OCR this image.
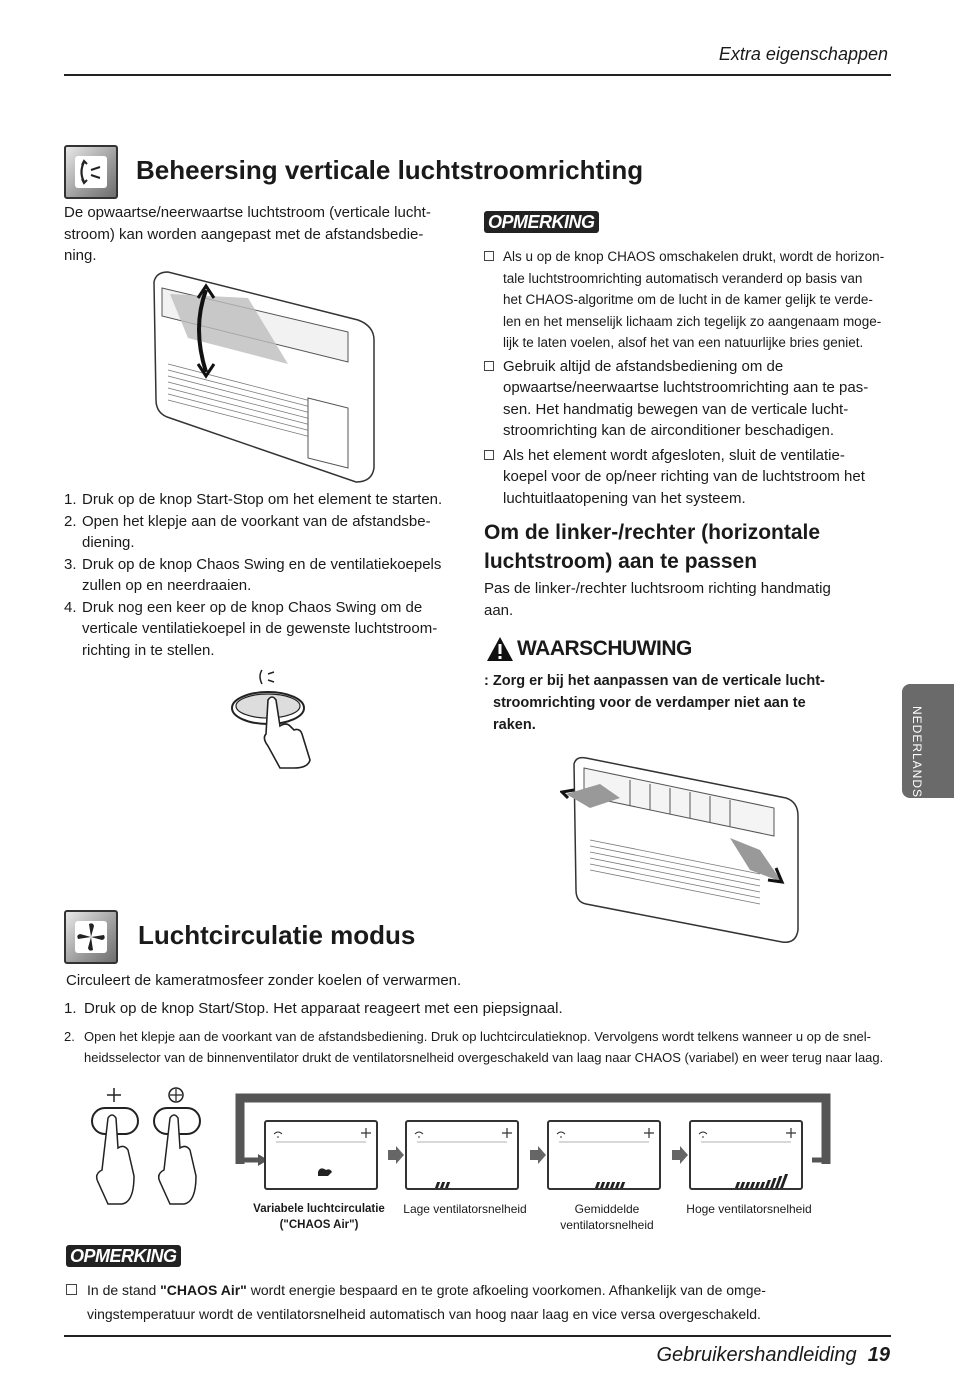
Extra eigenschappen
NEDERLANDS
Beheersing verticale luchtstroomrichting
De opwaartse/neerwaartse luchtstroom (verticale lucht-
stroom) kan worden aangepast met de afstandsbedie-
ning.
1. Druk op de knop Start-Stop om het element te starten.
2. Open het klepje aan de voorkant van de afstandsbe-
diening.
3. Druk op de knop Chaos Swing en de ventilatiekoepels
zullen op en neerdraaien.
4. Druk nog een keer op de knop Chaos Swing om de
verticale ventilatiekoepel in de gewenste luchtstroom-
richting in te stellen.
OPMERKING
Als u op de knop CHAOS omschakelen drukt, wordt de horizon-
tale luchtstroomrichting automatisch veranderd op basis van
het CHAOS-algoritme om de lucht in de kamer gelijk te verde-
len en het menselijk lichaam zich tegelijk zo aangenaam moge-
lijk te laten voelen, alsof het van een natuurlijke bries geniet.
Gebruik altijd de afstandsbediening om de
opwaartse/neerwaartse luchtstroomrichting aan te pas-
sen. Het handmatig bewegen van de verticale lucht-
stroomrichting kan de airconditioner beschadigen.
Als het element wordt afgesloten, sluit de ventilatie-
koepel voor de op/neer richting van de luchtstroom het
luchtuitlaatopening van het systeem.
Om de linker-/rechter (horizontale
luchtstroom) aan te passen
Pas de linker-/rechter luchtsroom richting handmatig
aan.
WAARSCHUWING
: Zorg er bij het aanpassen van de verticale lucht-
stroomrichting voor de verdamper niet aan te
raken.
Luchtcirculatie modus
Circuleert de kameratmosfeer zonder koelen of verwarmen.
1. Druk op de knop Start/Stop. Het apparaat reageert met een piepsignaal.
2. Open het klepje aan de voorkant van de afstandsbediening. Druk op luchtcirculatieknop. Vervolgens wordt telkens wanneer u op de snel-
heidsselector van de binnenventilator drukt de ventilatorsnelheid overgeschakeld van laag naar CHAOS (variabel) en weer terug naar laag.
Variabele luchtcirculatie
("CHAOS Air")
Lage ventilatorsnelheid	Gemiddelde
ventilatorsnelheid
Hoge ventilatorsnelheid
OPMERKING
In de stand "CHAOS Air" wordt energie bespaard en te grote afkoeling voorkomen. Afhankelijk van de omge-
vingstemperatuur wordt de ventilatorsnelheid automatisch van hoog naar laag en vice versa overgeschakeld.
Gebruikershandleiding 19
